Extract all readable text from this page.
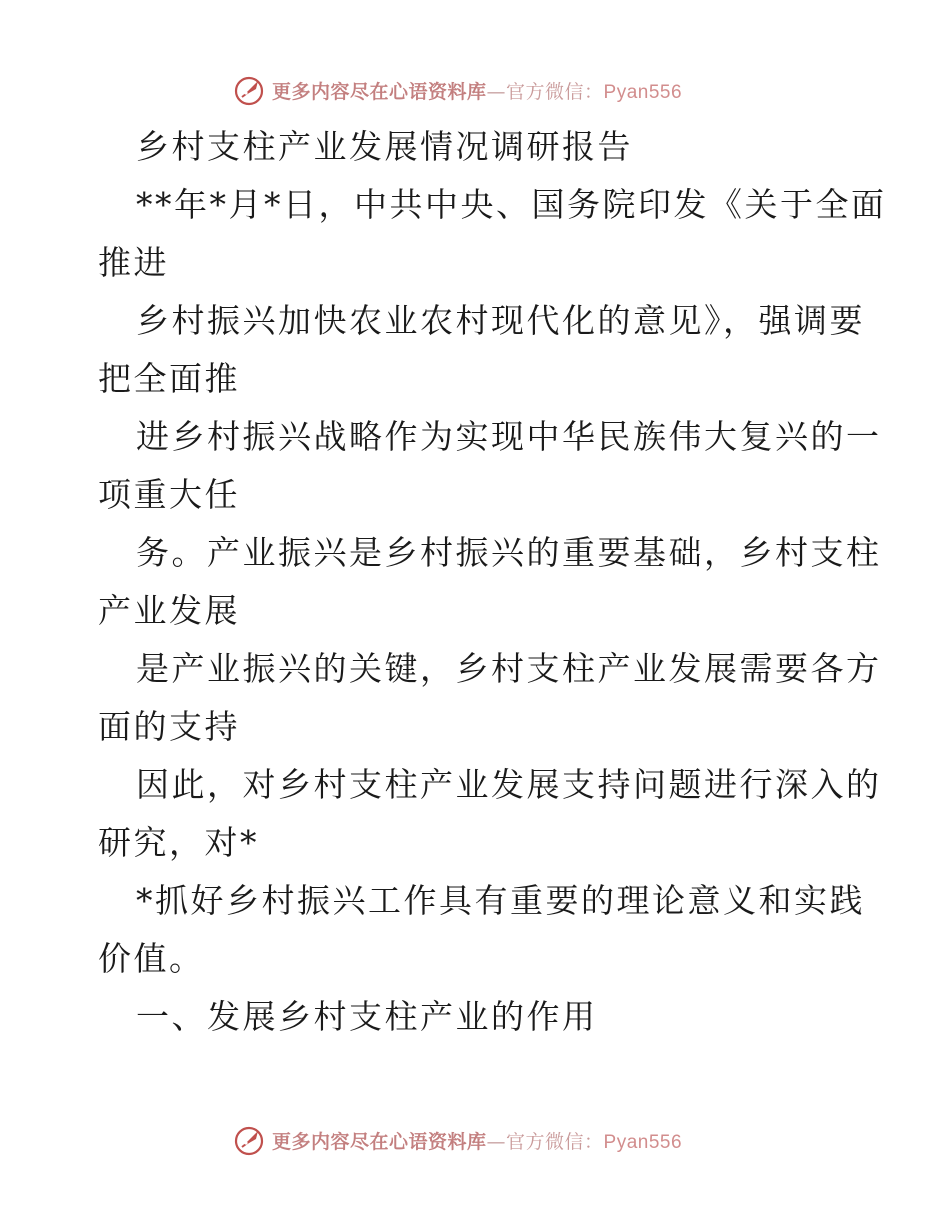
更多内容尽在心语资料库—官方微信：Pyan556

乡村支柱产业发展情况调研报告

**年*月*日，中共中央、国务院印发《关于全面

推进

乡村振兴加快农业农村现代化的意见》，强调要

把全面推

进乡村振兴战略作为实现中华民族伟大复兴的一

项重大任

务。产业振兴是乡村振兴的重要基础，乡村支柱

产业发展

是产业振兴的关键，乡村支柱产业发展需要各方

面的支持

因此，对乡村支柱产业发展支持问题进行深入的

研究，对*

*抓好乡村振兴工作具有重要的理论意义和实践

价值。

一、发展乡村支柱产业的作用

更多内容尽在心语资料库—官方微信：Pyan556
